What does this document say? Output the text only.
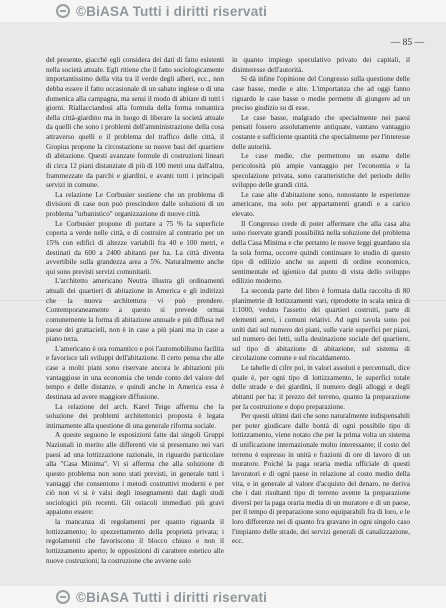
©BiASA Tutti i diritti riservati
— 85 —

del presente, giacchè egli considera dei dati di fatto esistenti nella società attuale. Egli ritiene che il fatto sociologicamente importantissimo della vita tra il verde degli alberi, ecc., non debba essere il fatto occasionale di un sabato inglese o di una domenica alla campagna, ma sensi il modo di abitare di tutti i giorni. Riallacciandosi alla formula della forma romantica della città-giardino ma in luogo di liberare la società attuale da quelli che sono i problemi dell'amministrazione della cosa attraverso quelli e il problema del traffico delle città, il Gropius propone la circostazione su nuove basi del quartiere di abitazione. Questi avanzate formule di costruzioni lineari di circa 12 piani distanziate di più di 100 metri una dall'altra, frammezzate da parchi e giardini, e avanti tutti i principali servizi in comune.

La relazione Le Corbusier sostiene che un problema di divisioni di case non può prescindere dalle soluzioni di un problema "urbanistico" organizzazione di nuove città.

Le Corbusier propone di portare a 75 % la superficie coperta a verde nelle città, e di costruire al contrario per un 15% con edifici di altezze variabili fra 40 e 100 metri, e destinati da 600 a 2400 abitanti per ha. La città diventa avvertibile sulla grandezza area a 5%. Naturalmente anche qui sono previsti servizi comunitarii.

L'architetto americano Neutra illustra gli ordinamenti attuali dei quartieri di abitazione in America e gli indirizzi che la nuova architettura vi può prendere. Contemporaneamente a questo si prevede ormai comunemente la forma di abitazione annuale e più diffusa nel paese dei grattacieli, non è in case a più piani ma in case a piano terra.

L'americano è ora romantico e poi l'automobilismo facilita e favorisce tali sviluppi dell'abitazione. Il certo pensa che alle case a molti piani sono riservate ancora le abitazioni più vantaggiose in una economia che tende conto del valore del tempo e delle distanze, e quindi anche in America essa è destinata ad avere maggiore diffusione.

La relazione del arch. Karel Teige afferma che la soluzione dei problemi architettonici proposta è legata intimamente alla questione di una generale riforma sociale.

A queste seguono le esposizioni fatte dai singoli Gruppi Nazionali in merito alle differenti vie si presentano nei vari paesi ad una lottizzazione razionale, in riguardo particolare alla "Casa Minima". Vi si afferma che alla soluzione di questo problema non sono stati previsti, in generale tutti i vantaggi che consentono i metodi costruttivi moderni e per ciò non vi si è valsi degli insegnamenti dati dagli studi sociologici più recenti. Gli ostacoli immediati più gravi appaiono essere:

la mancanza di regolamenti per quanto riguarda il lottizzamento; lo spezzettamento della proprietà privata; i regolamenti che favoriscono il blocco chiuso e non il lottizzamento aperto; le opposizioni di carattere estetico alle nuove costruzioni; la costruzione che avviene solo

in quanto impiego speculativo privato dei capitali, il disinteresse dell'autorità.

Si dà infine l'opinione del Congresso sulla questione delle case basse, medie e alte. L'importanza che ad oggi fanno riguardo le case basse o medie permette di giungere ad un preciso giudizio su di esse.

Le case basse, malgrado che specialmente nei paesi pensati fossero assolutamente antiquate, vantano vantaggio costante e sufficiente quantità che specialmente per l'interesse delle autorità.

Le case medie, che permettono un esame delle pericolosità più ampie vantaggio per l'economia e la speculazione privata, sono caratteristiche del periodo dello sviluppo delle grandi città.

Le case alte d'abitazione sono, nonostante le esperienze americane, ma solo per appartamenti grandi e a carico elevato.

Il Congresso crede di poter affermare che alla casa alta sono riservate grandi possibilità nella soluzione del problema della Casa Minima e che pertanto le nuove leggi guardano sia la sola forma, occorre quindi continuare lo studio di questo tipo di edilizio anche su aspetti di ordine economico, sentimentale ed igienico dal punto di vista dello sviluppo edilizio moderno.

La seconda parte del libro è formata dalla raccolta di 80 planimetrie di lottizzamenti vari, riprodotte in scala unica di 1:1000, veduto l'assetto dei quartieri costruiti, parte di elementi aerei, i comuni relativi. Ad ogni tavola sono poi uniti dati sul numero dei piani, sulle varie superfici per piani, sul numero dei letti, sulla destinazione sociale del quartiere, sul tipo di abitazione di abitazione, sul sistema di circolazione comune e sul riscaldamento.

Le tabelle di cifre poi, in valori assoluti e percentuali, dice quale è, per ogni tipo di lottizzamento, le superfici totale delle strade e dei giardini, il numero degli alloggi e degli abitanti per ha; il prezzo del terreno, quanto la preparazione per la costruzione e dopo preparazione.

Per questi ultimi dati che sono naturalmente indispensabili per poter giudicare dalle bontà di ogni possibile tipo di lottizzamento, viene notato che per la prima volta un sistema di unificazione internazionale molto interessante; il costo del terreno è espresso in unità e frazioni di ore di lavoro di un muratore. Poiché la paga oraria media ufficiale di questi lavoratori e di ogni paese in relazione al costo medio della vita, e in generale al valore d'acquisto del denaro, ne deriva che i dati risultanti tipo di terreno avente la preparazione diversi per la paga oraria media di un muratore e di un paese, per il tempo di preparazione sono equiparabili fra di loro, e le loro differenze nei di quanto fra gravano in ogni singolo caso l'impianto delle strade, dei servizi generali di canalizzazione, ecc.

©BiASA Tutti i diritti riservati
